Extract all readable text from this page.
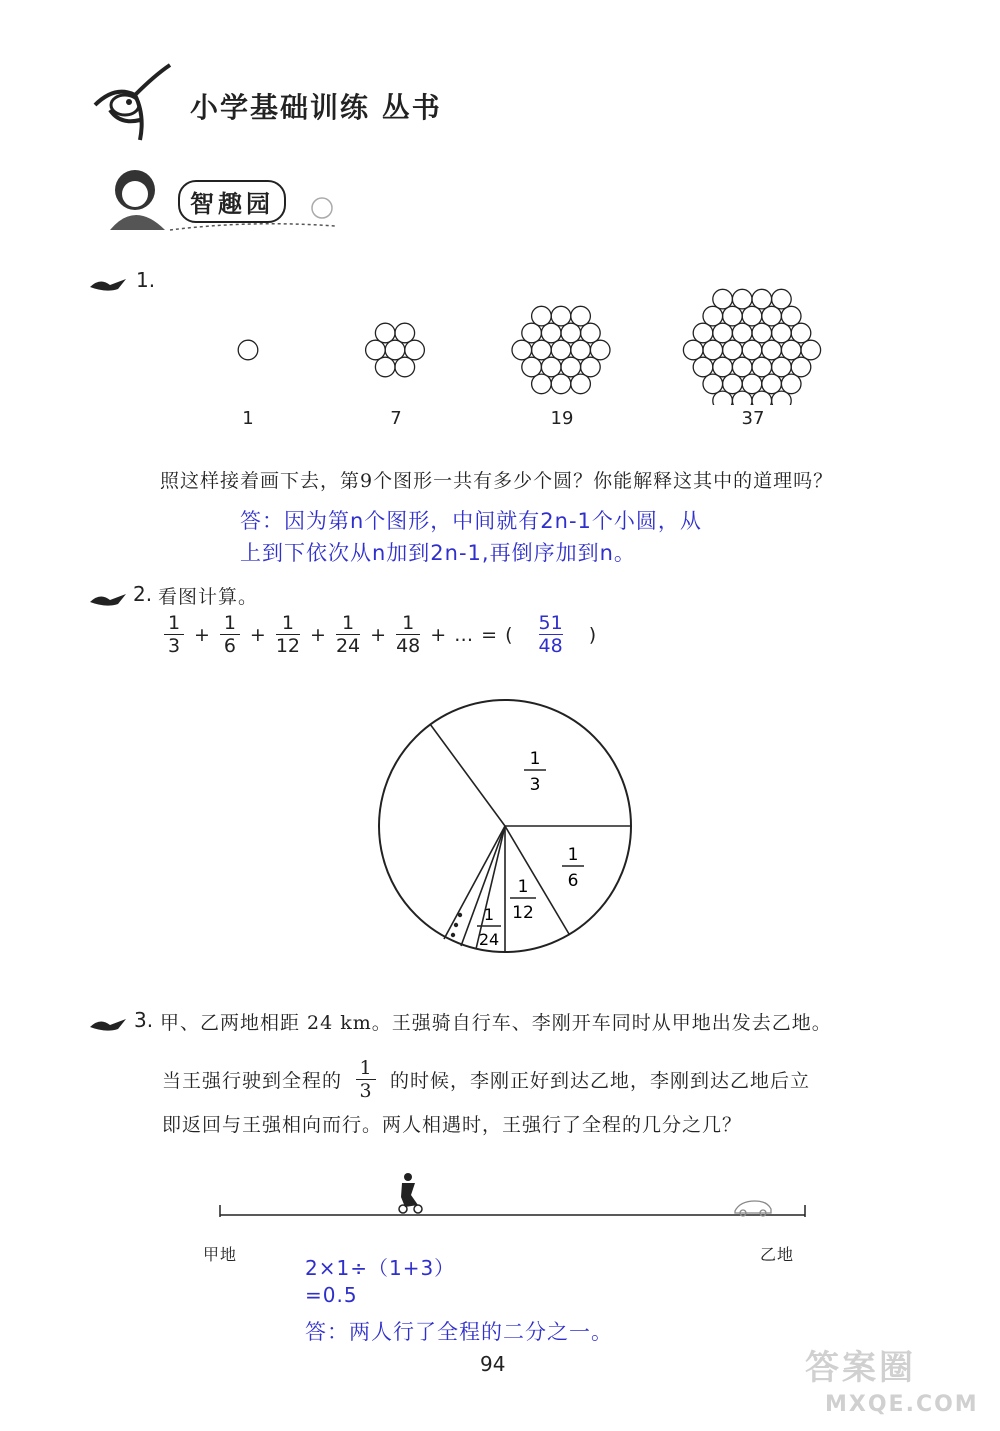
小学基础训练 丛书
智趣园
1.
1	7	19	37
照这样接着画下去，第9个图形一共有多少个圆？你能解释这其中的道理吗？
答：因为第n个图形，中间就有2n-1个小圆，从
上到下依次从n加到2n-1,再倒序加到n。
2. 看图计算。
$\frac{1}{3} + \frac{1}{6} + \frac{1}{12} + \frac{1}{24} + \frac{1}{48}$ + … = ( $\frac{51}{48}$ )
1
3
1
6
1
12
1
24
3. 甲、乙两地相距 24 km。王强骑自行车、李刚开车同时从甲地出发去乙地。
当王强行驶到全程的 $\frac{1}{3}$ 的时候，李刚正好到达乙地，李刚到达乙地后立
即返回与王强相向而行。两人相遇时，王强行了全程的几分之几？
甲地	乙地
2×1÷（1+3）
=0.5
答：两人行了全程的二分之一。
94	答案圈
MXQE.COM
